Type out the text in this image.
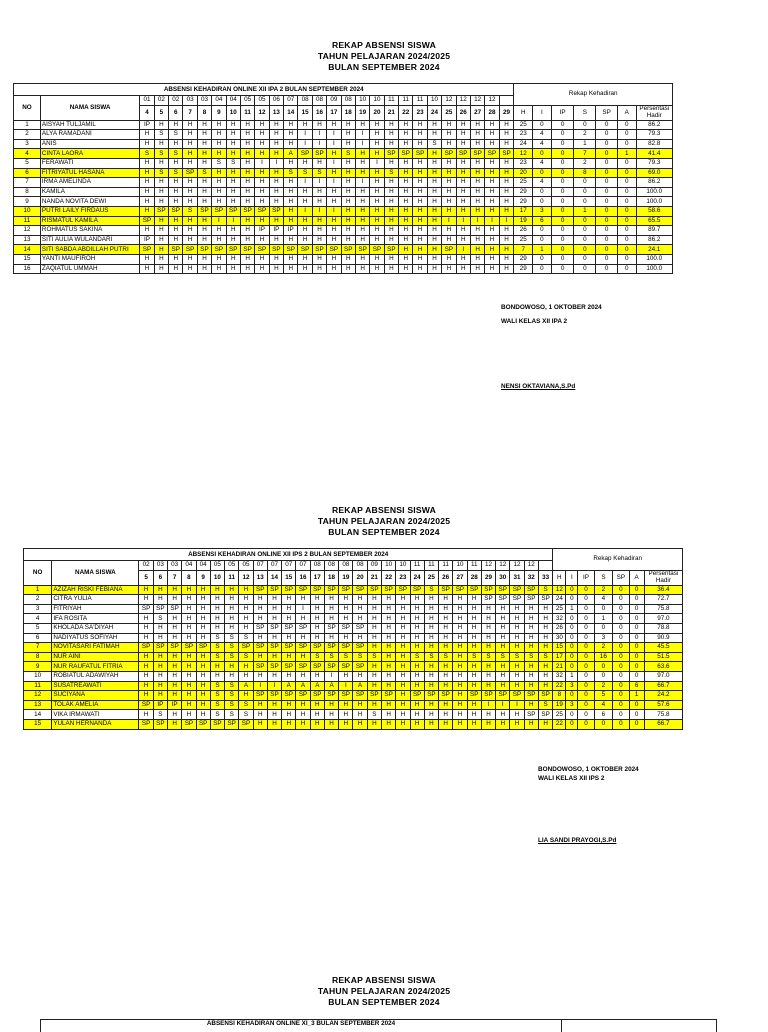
REKAP ABSENSI SISWA
TAHUN PELAJARAN 2024/2025
BULAN SEPTEMBER 2024
ABSENSI KEHADIRAN ONLINE XII IPA 2 BULAN SEPTEMBER 2024																												Rekap Kehadiran						
NO	NAMA SISWA	01	02	02	03	03	04	04	05	05	06	07	08	08	09	08	10	10	11	11	11	10	12	12	12	12								
		4	5	6	7	8	9	10	11	12	13	14	15	16	17	18	19	20	21	22	23	24	25	26	27	28	29	H	I	IP	S	SP	A	Persentasi Hadir
1	AISYAH TULJAMIL	IP	H	H	H	H	H	H	H	H	H	H	H	H	H	H	H	H	H	H	H	H	H	H	H	H	H	25	0	0	0	0	0	86.2
2	ALYA RAMADANI	H	S	S	H	H	H	H	H	H	H	H	I	I	I	H	I	H	H	H	H	H	H	H	H	H	H	23	4	0	2	0	0	79.3
3	ANIS	H	H	H	H	H	H	H	H	H	H	H	I	I	I	H	I	H	H	H	H	S	H	H	H	H	H	24	4	0	1	0	0	82.8
4	CINTA LAORA	S	S	S	H	H	H	H	H	H	H	A	SP	SP	H	S	H	H	SP	SP	SP	H	SP	SP	SP	SP	SP	12	0	0	7	0	1	41.4
5	FERAWATI	H	H	H	H	H	S	S	H	I	I	H	H	H	I	H	H	I	H	H	H	H	H	H	H	H	H	23	4	0	2	0	0	79.3
6	FITRIYATUL HASANA	H	S	S	SP	S	H	H	H	H	H	S	S	S	H	H	H	H	S	H	H	H	H	H	H	H	H	20	0	0	8	0	0	69.0
7	IRMA AMELINDA	H	H	H	H	H	H	H	H	H	H	H	I	I	I	H	I	H	H	H	H	H	H	H	H	H	H	25	4	0	0	0	0	86.2
8	KAMILA	H	H	H	H	H	H	H	H	H	H	H	H	H	H	H	H	H	H	H	H	H	H	H	H	H	H	29	0	0	0	0	0	100.0
9	NANDA NOVITA DEWI	H	H	H	H	H	H	H	H	H	H	H	H	H	H	H	H	H	H	H	H	H	H	H	H	H	H	29	0	0	0	0	0	100.0
10	PUTRI LAILY FIRDAUS	H	SP	SP	S	SP	SP	SP	SP	SP	SP	H	I	I	I	H	H	H	H	H	H	H	H	H	H	H	H	17	3	0	1	0	0	58.6
11	RISMATUL KAMILA	SP	H	H	H	H	I	I	H	H	H	H	H	H	H	H	H	H	H	H	H	H	I	I	I	I	I	19	6	0	0	0	0	65.5
12	ROHMATUS SAKINA	H	H	H	H	H	H	H	H	IP	IP	IP	H	H	H	H	H	H	H	H	H	H	H	H	H	H	H	26	0	0	0	0	0	89.7
13	SITI AULIA WULANDARI	IP	H	H	H	H	H	H	H	H	H	H	H	H	H	H	H	H	H	H	H	H	H	H	H	H	H	25	0	0	0	0	0	86.2
14	SITI SABDA ABDILLAH PUTRI	SP	H	SP	SP	SP	SP	SP	SP	SP	SP	SP	SP	SP	SP	SP	SP	SP	SP	H	H	H	SP	I	H	H	H	7	1	0	0	0	0	24.1
15	YANTI MAUFIROH	H	H	H	H	H	H	H	H	H	H	H	H	H	H	H	H	H	H	H	H	H	H	H	H	H	H	29	0	0	0	0	0	100.0
16	ZAQIATUL UMMAH	H	H	H	H	H	H	H	H	H	H	H	H	H	H	H	H	H	H	H	H	H	H	H	H	H	H	29	0	0	0	0	0	100.0
BONDOWOSO, 1 OKTOBER 2024
WALI KELAS XII IPA 2
NENSI OKTAVIANA,S.Pd
REKAP ABSENSI SISWA
TAHUN PELAJARAN 2024/2025
BULAN SEPTEMBER 2024
ABSENSI KEHADIRAN ONLINE XII IPS 2 BULAN SEPTEMBER 2024																															Rekap Kehadiran						
NO	NAMA SISWA	02	03	03	04	04	05	05	05	07	07	07	07	08	08	08	08	09	10	10	11	11	11	10	11	12	12	12	12								
		5	6	7	8	9	10	11	12	13	14	15	16	17	18	19	20	21	22	23	24	25	26	27	28	29	30	31	32	33	H	I	IP	S	SP	A	Persentasi Hadir
1	AZIZAH RISKI FEBIANA	H	H	H	H	H	H	H	H	SP	SP	SP	SP	SP	SP	SP	SP	SP	SP	SP	SP	S	SP	SP	SP	SP	SP	SP	SP	S	12	0	0	2	0	0	36.4
2	CITRA YULIA	H	H	H	H	H	H	H	H	H	H	H	H	H	H	H	H	H	H	H	H	H	H	H	H	SP	SP	SP	SP	SP	24	0	0	4	0	0	72.7
3	FITRIYAH	SP	SP	SP	H	H	H	H	H	H	H	H	I	H	H	H	H	H	H	H	H	H	H	H	H	H	H	H	H	H	25	1	0	0	0	0	75.8
4	IFA ROSITA	H	S	H	H	H	H	H	H	H	H	H	H	H	H	H	H	H	H	H	H	H	H	H	H	H	H	H	H	H	32	0	0	1	0	0	97.0
5	KHOLADA SA'DIYAH	H	H	H	H	H	H	H	H	SP	SP	SP	SP	H	SP	SP	SP	H	H	H	H	H	H	H	H	H	H	H	H	H	26	0	0	0	0	0	78.8
6	NADIYATUS SOFIYAH	H	H	H	H	H	S	S	S	H	H	H	H	H	H	H	H	H	H	H	H	H	H	H	H	H	H	H	H	H	30	0	0	3	0	0	90.9
7	NOVITASARI FATIMAH	SP	SP	SP	SP	SP	S	S	SP	SP	SP	SP	SP	SP	SP	SP	SP	H	H	H	H	H	H	H	H	H	H	H	H	H	15	0	0	2	0	0	45.5
8	NUR AINI	H	H	H	H	H	S	S	S	H	H	H	H	S	S	S	S	S	H	H	S	S	S	H	S	S	S	S	S	S	17	0	0	16	0	0	51.5
9	NUR RAUFATUL FITRIA	H	H	H	H	H	H	H	H	SP	SP	SP	SP	SP	SP	SP	SP	H	H	H	H	H	H	H	H	H	H	H	H	H	21	0	0	0	0	0	63.6
10	ROBIATUL ADAWIYAH	H	H	H	H	H	H	H	H	H	H	H	H	H	I	H	H	H	H	H	H	H	H	H	H	H	H	H	H	H	32	1	0	0	0	0	97.0
11	SUSATREAWATI	H	H	H	H	H	S	S	A	I	I	A	A	A	A	I	A	H	H	H	H	H	H	H	H	H	H	H	H	H	22	3	0	2	0	6	66.7
12	SUCIYANA	H	H	H	H	H	S	S	H	SP	SP	SP	SP	SP	SP	SP	SP	SP	SP	H	SP	SP	SP	H	SP	SP	SP	SP	SP	SP	8	0	0	5	0	1	24.2
13	TOLAK AMELIA	SP	IP	IP	H	H	S	S	S	H	H	H	H	H	H	H	H	H	H	H	H	H	H	H	H	I	I	I	H	S	19	3	0	4	0	0	57.6
14	VIKA IRMAWATI	H	S	H	H	H	S	S	S	H	H	H	H	H	H	H	H	S	H	H	H	H	H	H	H	H	H	H	SP	SP	25	0	0	6	0	0	75.8
15	YULAN HERNANDA	SP	SP	H	SP	SP	SP	SP	SP	H	H	H	H	H	H	H	H	H	H	H	H	H	H	H	H	H	H	H	H	H	22	0	0	0	0	0	66.7
BONDOWOSO, 1 OKTOBER 2024
WALI KELAS XII IPS 2
LIA SANDI PRAYOGI,S.Pd
REKAP ABSENSI SISWA
TAHUN PELAJARAN 2024/2025
BULAN SEPTEMBER 2024
ABSENSI KEHADIRAN ONLINE XI_3 BULAN SEPTEMBER 2024
